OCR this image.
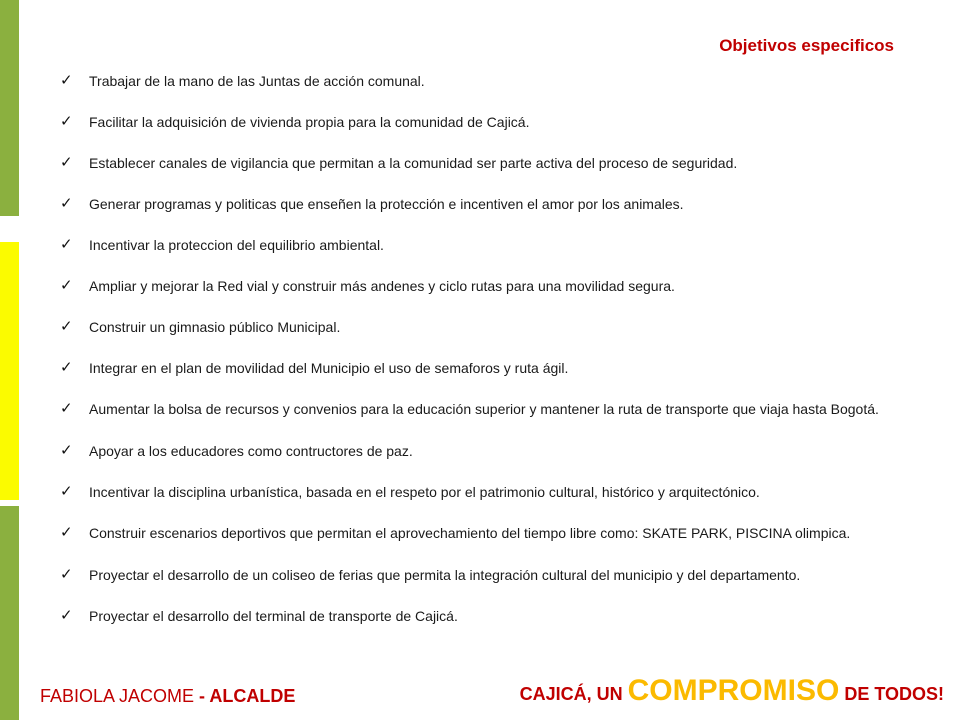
Objetivos especificos
✓ Trabajar de la mano de las Juntas de acción comunal.
✓ Facilitar la adquisición de vivienda propia para la comunidad de Cajicá.
✓ Establecer canales de vigilancia que permitan a la comunidad ser parte activa del proceso de seguridad.
✓ Generar programas y politicas que enseñen la protección e incentiven el amor por los animales.
✓ Incentivar la proteccion del equilibrio ambiental.
✓ Ampliar y mejorar la Red vial y construir más andenes y ciclo rutas para una movilidad segura.
✓ Construir un gimnasio público Municipal.
✓ Integrar en el plan de movilidad del Municipio el uso de semaforos y ruta ágil.
✓ Aumentar la bolsa de recursos y convenios para la educación superior y mantener la ruta de transporte que viaja hasta Bogotá.
✓ Apoyar a los educadores como contructores de paz.
✓ Incentivar la disciplina urbanística, basada en el respeto por el patrimonio cultural, histórico y arquitectónico.
✓ Construir escenarios deportivos que permitan el aprovechamiento del tiempo libre como: SKATE PARK, PISCINA olimpica.
✓ Proyectar el desarrollo de un coliseo de ferias que permita la integración cultural del municipio y del departamento.
✓ Proyectar el desarrollo del terminal de transporte de Cajicá.
FABIOLA JACOME - ALCALDE	CAJICÁ, UN COMPROMISO DE TODOS!
